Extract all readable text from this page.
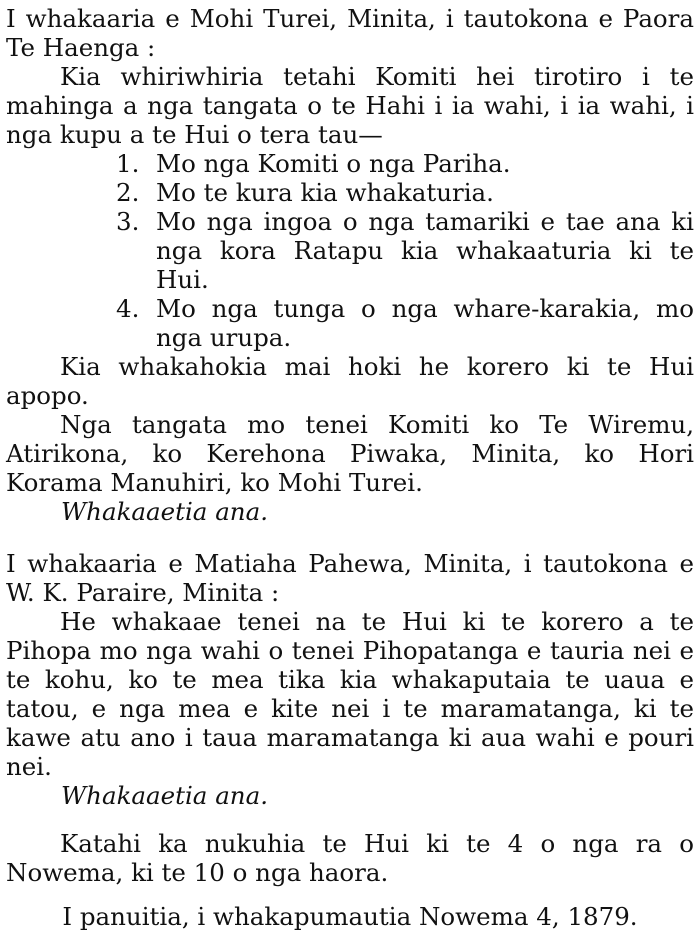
I whakaaria e Mohi Turei, Minita, i tautokona e Paora Te Haenga :

Kia whiriwhiria tetahi Komiti hei tirotiro i te mahinga a nga tangata o te Hahi i ia wahi, i ia wahi, i nga kupu a te Hui o tera tau—

1. Mo nga Komiti o nga Pariha.
2. Mo te kura kia whakaturia.
3. Mo nga ingoa o nga tamariki e tae ana ki nga kora Ratapu kia whakaaturia ki te Hui.
4. Mo nga tunga o nga whare-karakia, mo nga urupa.

Kia whakahokia mai hoki he korero ki te Hui apopo.

Nga tangata mo tenei Komiti ko Te Wiremu, Atirikona, ko Kerehona Piwaka, Minita, ko Hori Korama Manuhiri, ko Mohi Turei.

Whakaaetia ana.

I whakaaria e Matiaha Pahewa, Minita, i tautokona e W. K. Paraire, Minita :

He whakaae tenei na te Hui ki te korero a te Pihopa mo nga wahi o tenei Pihopatanga e tauria nei e te kohu, ko te mea tika kia whakaputaia te uaua e tatou, e nga mea e kite nei i te maramatanga, ki te kawe atu ano i taua maramatanga ki aua wahi e pouri nei.

Whakaaetia ana.

Katahi ka nukuhia te Hui ki te 4 o nga ra o Nowema, ki te 10 o nga haora.

I panuitia, i whakapumautia Nowema 4, 1879.
